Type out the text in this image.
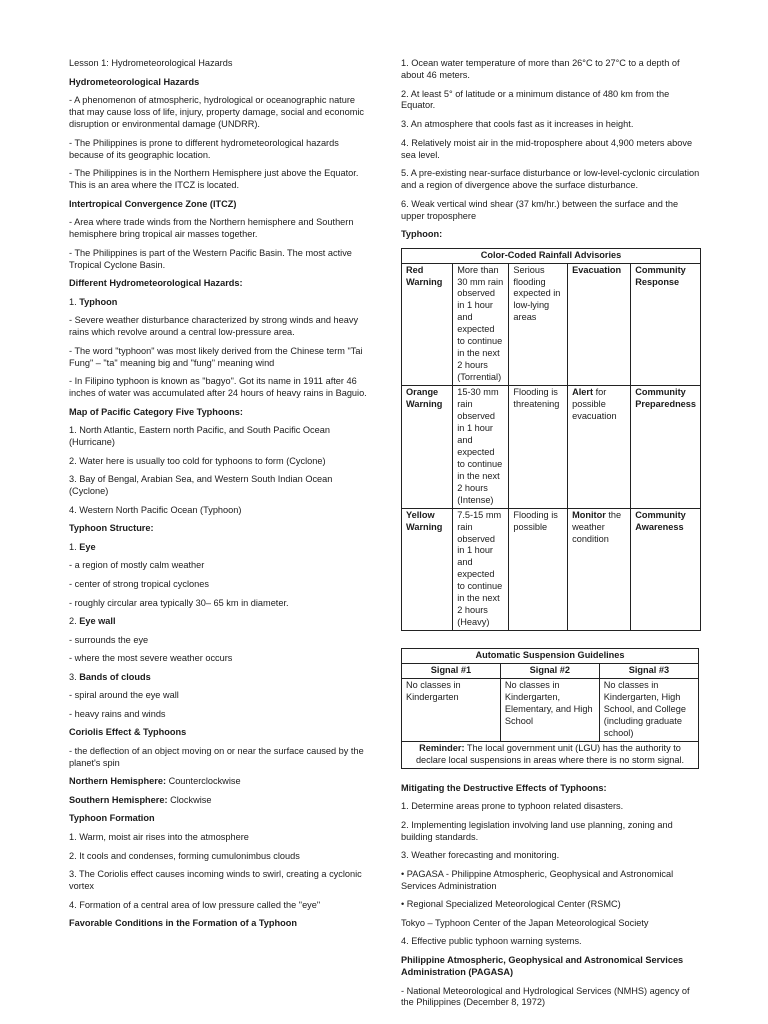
Lesson 1: Hydrometeorological Hazards

Hydrometeorological Hazards

- A phenomenon of atmospheric, hydrological or oceanographic nature that may cause loss of life, injury, property damage, social and economic disruption or environmental damage (UNDRR).

- The Philippines is prone to different hydrometeorological hazards because of its geographic location.

- The Philippines is in the Northern Hemisphere just above the Equator. This is an area where the ITCZ is located.

Intertropical Convergence Zone (ITCZ)

- Area where trade winds from the Northern hemisphere and Southern hemisphere bring tropical air masses together.

- The Philippines is part of the Western Pacific Basin. The most active Tropical Cyclone Basin.

Different Hydrometeorological Hazards:

1. Typhoon

- Severe weather disturbance characterized by strong winds and heavy rains which revolve around a central low-pressure area.

- The word "typhoon" was most likely derived from the Chinese term "Tai Fung" – "ta" meaning big and "fung" meaning wind

- In Filipino typhoon is known as "bagyo". Got its name in 1911 after 46 inches of water was accumulated after 24 hours of heavy rains in Baguio.

Map of Pacific Category Five Typhoons:

1. North Atlantic, Eastern north Pacific, and South Pacific Ocean (Hurricane)

2. Water here is usually too cold for typhoons to form (Cyclone)

3. Bay of Bengal, Arabian Sea, and Western South Indian Ocean (Cyclone)

4. Western North Pacific Ocean (Typhoon)

Typhoon Structure:

1. Eye

- a region of mostly calm weather

- center of strong tropical cyclones

- roughly circular area typically 30– 65 km in diameter.

2. Eye wall

- surrounds the eye

- where the most severe weather occurs

3. Bands of clouds

- spiral around the eye wall

- heavy rains and winds

Coriolis Effect & Typhoons

- the deflection of an object moving on or near the surface caused by the planet's spin

Northern Hemisphere: Counterclockwise

Southern Hemisphere: Clockwise

Typhoon Formation

1. Warm, moist air rises into the atmosphere

2. It cools and condenses, forming cumulonimbus clouds

3. The Coriolis effect causes incoming winds to swirl, creating a cyclonic vortex

4. Formation of a central area of low pressure called the "eye"

Favorable Conditions in the Formation of a Typhoon

1. Ocean water temperature of more than 26°C to 27°C to a depth of about 46 meters.

2. At least 5° of latitude or a minimum distance of 480 km from the Equator.

3. An atmosphere that cools fast as it increases in height.

4. Relatively moist air in the mid-troposphere about 4,900 meters above sea level.

5. A pre-existing near-surface disturbance or low-level-cyclonic circulation and a region of divergence above the surface disturbance.

6. Weak vertical wind shear (37 km/hr.) between the surface and the upper troposphere

Typhoon:

Color-Coded Rainfall Advisories				
Red Warning	More than 30 mm rain observed in 1 hour and expected to continue in the next 2 hours (Torrential)	Serious flooding expected in low-lying areas	Evacuation	Community Response
Orange Warning	15-30 mm rain observed in 1 hour and expected to continue in the next 2 hours (Intense)	Flooding is threatening	Alert for possible evacuation	Community Preparedness
Yellow Warning	7.5-15 mm rain observed in 1 hour and expected to continue in the next 2 hours (Heavy)	Flooding is possible	Monitor the weather condition	Community Awareness
Automatic Suspension Guidelines		
Signal #1	Signal #2	Signal #3
No classes in Kindergarten	No classes in Kindergarten, Elementary, and High School	No classes in Kindergarten, High School, and College (including graduate school)
Reminder: The local government unit (LGU) has the authority to declare local suspensions in areas where there is no storm signal.		

Mitigating the Destructive Effects of Typhoons:

1. Determine areas prone to typhoon related disasters.

2. Implementing legislation involving land use planning, zoning and building standards.

3. Weather forecasting and monitoring.

• PAGASA - Philippine Atmospheric, Geophysical and Astronomical Services Administration

• Regional Specialized Meteorological Center (RSMC)

Tokyo – Typhoon Center of the Japan Meteorological Society

4. Effective public typhoon warning systems.

Philippine Atmospheric, Geophysical and Astronomical Services Administration (PAGASA)

- National Meteorological and Hydrological Services (NMHS) agency of the Philippines (December 8, 1972)
